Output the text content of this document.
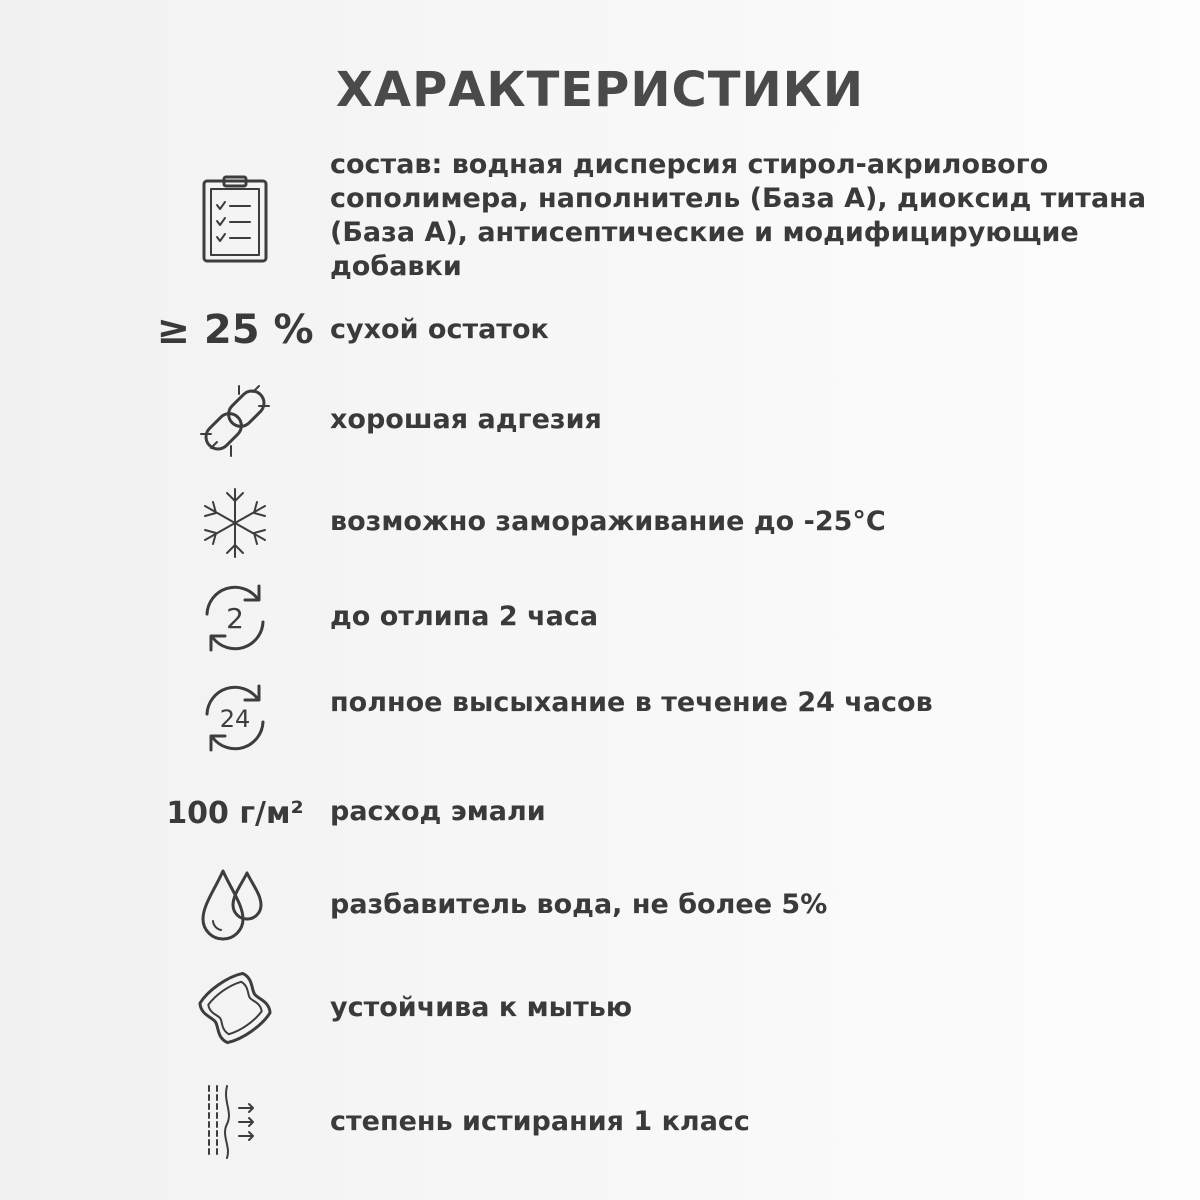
ХАРАКТЕРИСТИКИ
состав: водная дисперсия стирол-акрилового сополимера, наполнитель (База А), диоксид титана (База А), антисептические и модифицирующие добавки
≥ 25 % сухой остаток
хорошая адгезия
возможно замораживание до -25°С
2	до отлипа 2 часа
24
полное высыхание в течение 24 часов
100 г/м² расход эмали
разбавитель вода, не более 5%
устойчива к мытью
степень истирания 1 класс
